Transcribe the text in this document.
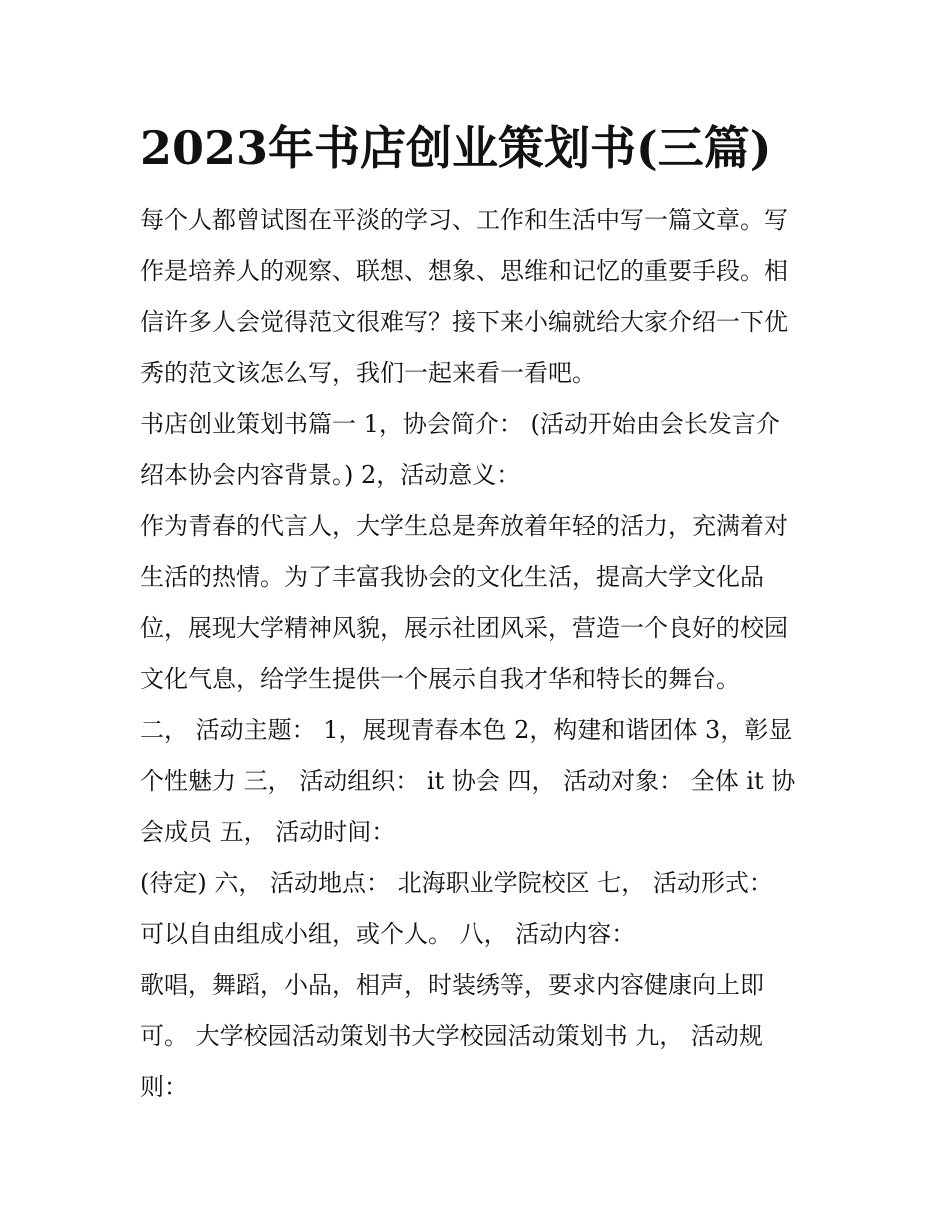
2023年书店创业策划书(三篇)
每个人都曾试图在平淡的学习、工作和生活中写一篇文章。写
作是培养人的观察、联想、想象、思维和记忆的重要手段。相
信许多人会觉得范文很难写？接下来小编就给大家介绍一下优
秀的范文该怎么写，我们一起来看一看吧。
书店创业策划书篇一 1，协会简介： (活动开始由会长发言介
绍本协会内容背景。) 2，活动意义：
作为青春的代言人，大学生总是奔放着年轻的活力，充满着对
生活的热情。为了丰富我协会的文化生活，提高大学文化品
位，展现大学精神风貌，展示社团风采，营造一个良好的校园
文化气息，给学生提供一个展示自我才华和特长的舞台。
二， 活动主题： 1，展现青春本色 2，构建和谐团体 3，彰显
个性魅力 三， 活动组织： it 协会 四， 活动对象： 全体 it 协
会成员 五， 活动时间：
(待定) 六， 活动地点： 北海职业学院校区 七， 活动形式：
可以自由组成小组，或个人。 八， 活动内容：
歌唱，舞蹈，小品，相声，时装绣等，要求内容健康向上即
可。 大学校园活动策划书大学校园活动策划书 九， 活动规
则：
